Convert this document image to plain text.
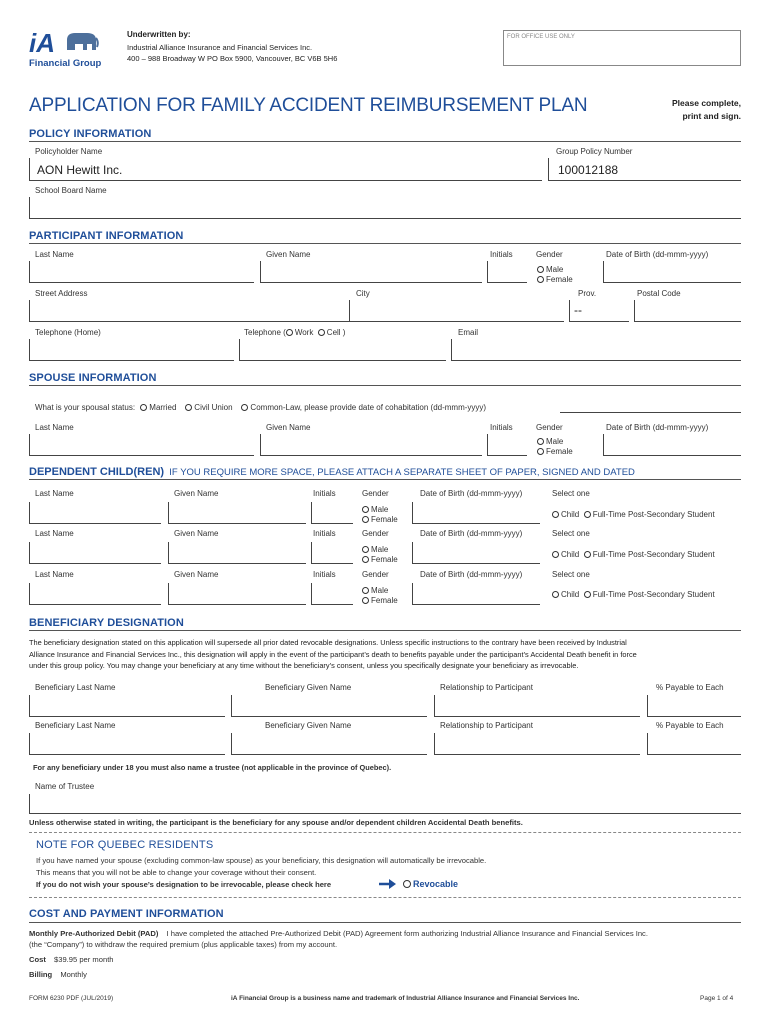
iA
Financial Group
Underwritten by:
Industrial Alliance Insurance and Financial Services Inc.
400 – 988 Broadway W PO Box 5900, Vancouver, BC V6B 5H6
FOR OFFICE USE ONLY
APPLICATION FOR FAMILY ACCIDENT REIMBURSEMENT PLAN	Please complete,
print and sign.
POLICY INFORMATION
Policyholder Name	Group Policy Number
AON Hewitt Inc.	100012188
School Board Name
PARTICIPANT INFORMATION
Last Name	Given Name	Initials	Gender	Date of Birth (dd-mmm-yyyy)
Male
Female
Street Address	City	Prov.	Postal Code
--
Telephone (Home)	Telephone ( Work Cell )	Email
SPOUSE INFORMATION
What is your spousal status: Married Civil Union Common-Law, please provide date of cohabitation (dd-mmm-yyyy)
Last Name	Given Name	Initials	Gender	Date of Birth (dd-mmm-yyyy)
Male
Female
DEPENDENT CHILD(REN) IF YOU REQUIRE MORE SPACE, PLEASE ATTACH A SEPARATE SHEET OF PAPER, SIGNED AND DATED
Last Name	Given Name	Initials	Gender	Date of Birth (dd-mmm-yyyy)	Select one
Male
Female
Child Full-Time Post-Secondary Student
Last Name	Given Name	Initials	Gender	Date of Birth (dd-mmm-yyyy)	Select one
Male
Female
Child Full-Time Post-Secondary Student
Last Name	Given Name	Initials	Gender	Date of Birth (dd-mmm-yyyy)	Select one
Male
Female
Child Full-Time Post-Secondary Student
BENEFICIARY DESIGNATION
The beneficiary designation stated on this application will supersede all prior dated revocable designations. Unless specific instructions to the contrary have been received by Industrial
Alliance Insurance and Financial Services Inc., this designation will apply in the event of the participant’s death to benefits payable under the participant’s Accidental Death benefit in force
under this group policy. You may change your beneficiary at any time without the beneficiary’s consent, unless you specifically designate your beneficiary as irrevocable.
Beneficiary Last Name	Beneficiary Given Name	Relationship to Participant	% Payable to Each
Beneficiary Last Name	Beneficiary Given Name	Relationship to Participant	% Payable to Each
For any beneficiary under 18 you must also name a trustee (not applicable in the province of Quebec).
Name of Trustee
Unless otherwise stated in writing, the participant is the beneficiary for any spouse and/or dependent children Accidental Death benefits.
NOTE FOR QUEBEC RESIDENTS
If you have named your spouse (excluding common-law spouse) as your beneficiary, this designation will automatically be irrevocable.
This means that you will not be able to change your coverage without their consent.
If you do not wish your spouse’s designation to be irrevocable, please check here	Revocable
COST AND PAYMENT INFORMATION
Monthly Pre-Authorized Debit (PAD) I have completed the attached Pre-Authorized Debit (PAD) Agreement form authorizing Industrial Alliance Insurance and Financial Services Inc.
(the “Company”) to withdraw the required premium (plus applicable taxes) from my account.
Cost $39.95 per month
Billing Monthly
FORM 6230 PDF (JUL/2019)	iA Financial Group is a business name and trademark of Industrial Alliance Insurance and Financial Services Inc.	Page 1 of 4
